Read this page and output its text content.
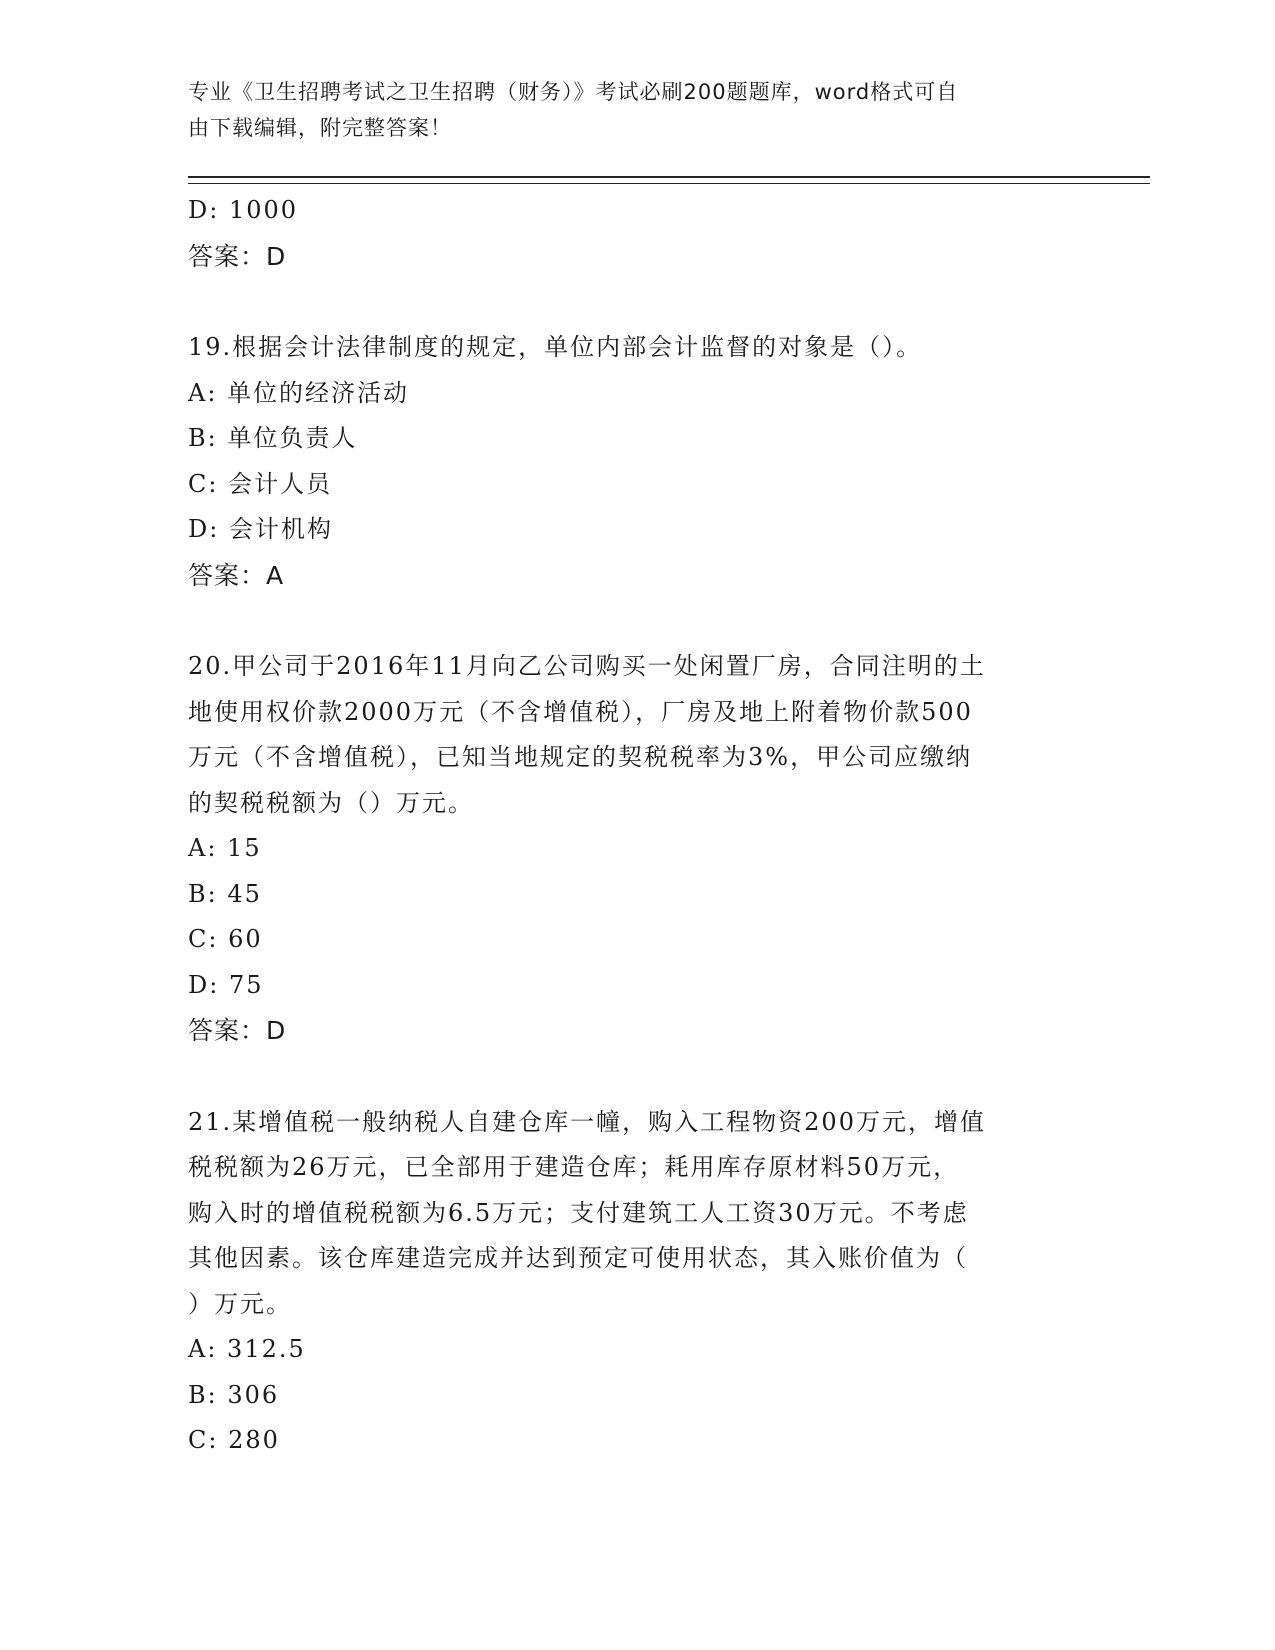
专业《卫生招聘考试之卫生招聘（财务）》考试必刷200题题库，word格式可自
由下载编辑，附完整答案！
D: 1000
答案：D
19.根据会计法律制度的规定，单位内部会计监督的对象是（）。
A: 单位的经济活动
B: 单位负责人
C: 会计人员
D: 会计机构
答案：A
20.甲公司于2016年11月向乙公司购买一处闲置厂房，合同注明的土
地使用权价款2000万元（不含增值税），厂房及地上附着物价款500
万元（不含增值税），已知当地规定的契税税率为3%，甲公司应缴纳
的契税税额为（）万元。
A: 15
B: 45
C: 60
D: 75
答案：D
21.某增值税一般纳税人自建仓库一幢，购入工程物资200万元，增值
税税额为26万元，已全部用于建造仓库；耗用库存原材料50万元，
购入时的增值税税额为6.5万元；支付建筑工人工资30万元。不考虑
其他因素。该仓库建造完成并达到预定可使用状态，其入账价值为（
）万元。
A: 312.5
B: 306
C: 280
